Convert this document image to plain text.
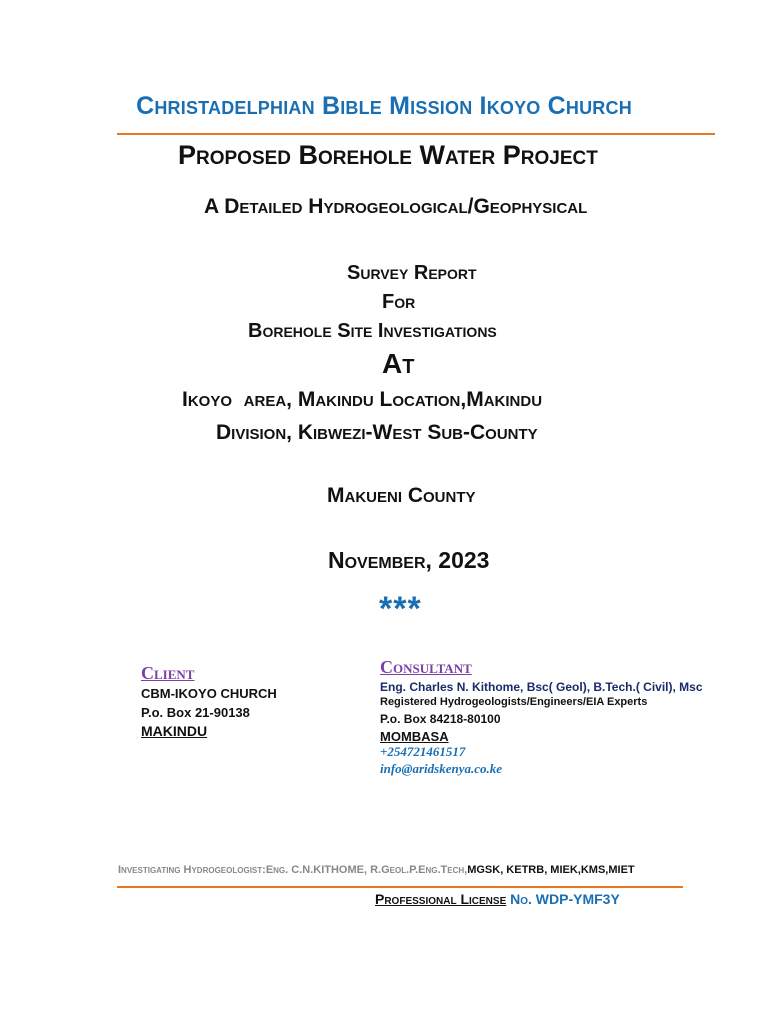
Christadelphian Bible Mission Ikoyo Church
Proposed Borehole Water Project
A Detailed Hydrogeological/Geophysical
Survey Report
For
Borehole Site Investigations
At
Ikoyo  area, Makindu Location,Makindu
Division, Kibwezi-West Sub-County
Makueni County
November, 2023
***
Client
CBM-IKOYO CHURCH
P.o. Box 21-90138
MAKINDU
Consultant
Eng. Charles N. Kithome, Bsc( Geol), B.Tech.( Civil), Msc
Registered Hydrogeologists/Engineers/EIA Experts
P.o. Box 84218-80100
MOMBASA
+254721461517
info@aridskenya.co.ke
Investigating Hydrogeologist:Eng. C.N.KITHOME, R.Geol.P.Eng.Tech,MGSK, KETRB, MIEK,KMS,MIET
Professional License No. WDP-YMF3Y
